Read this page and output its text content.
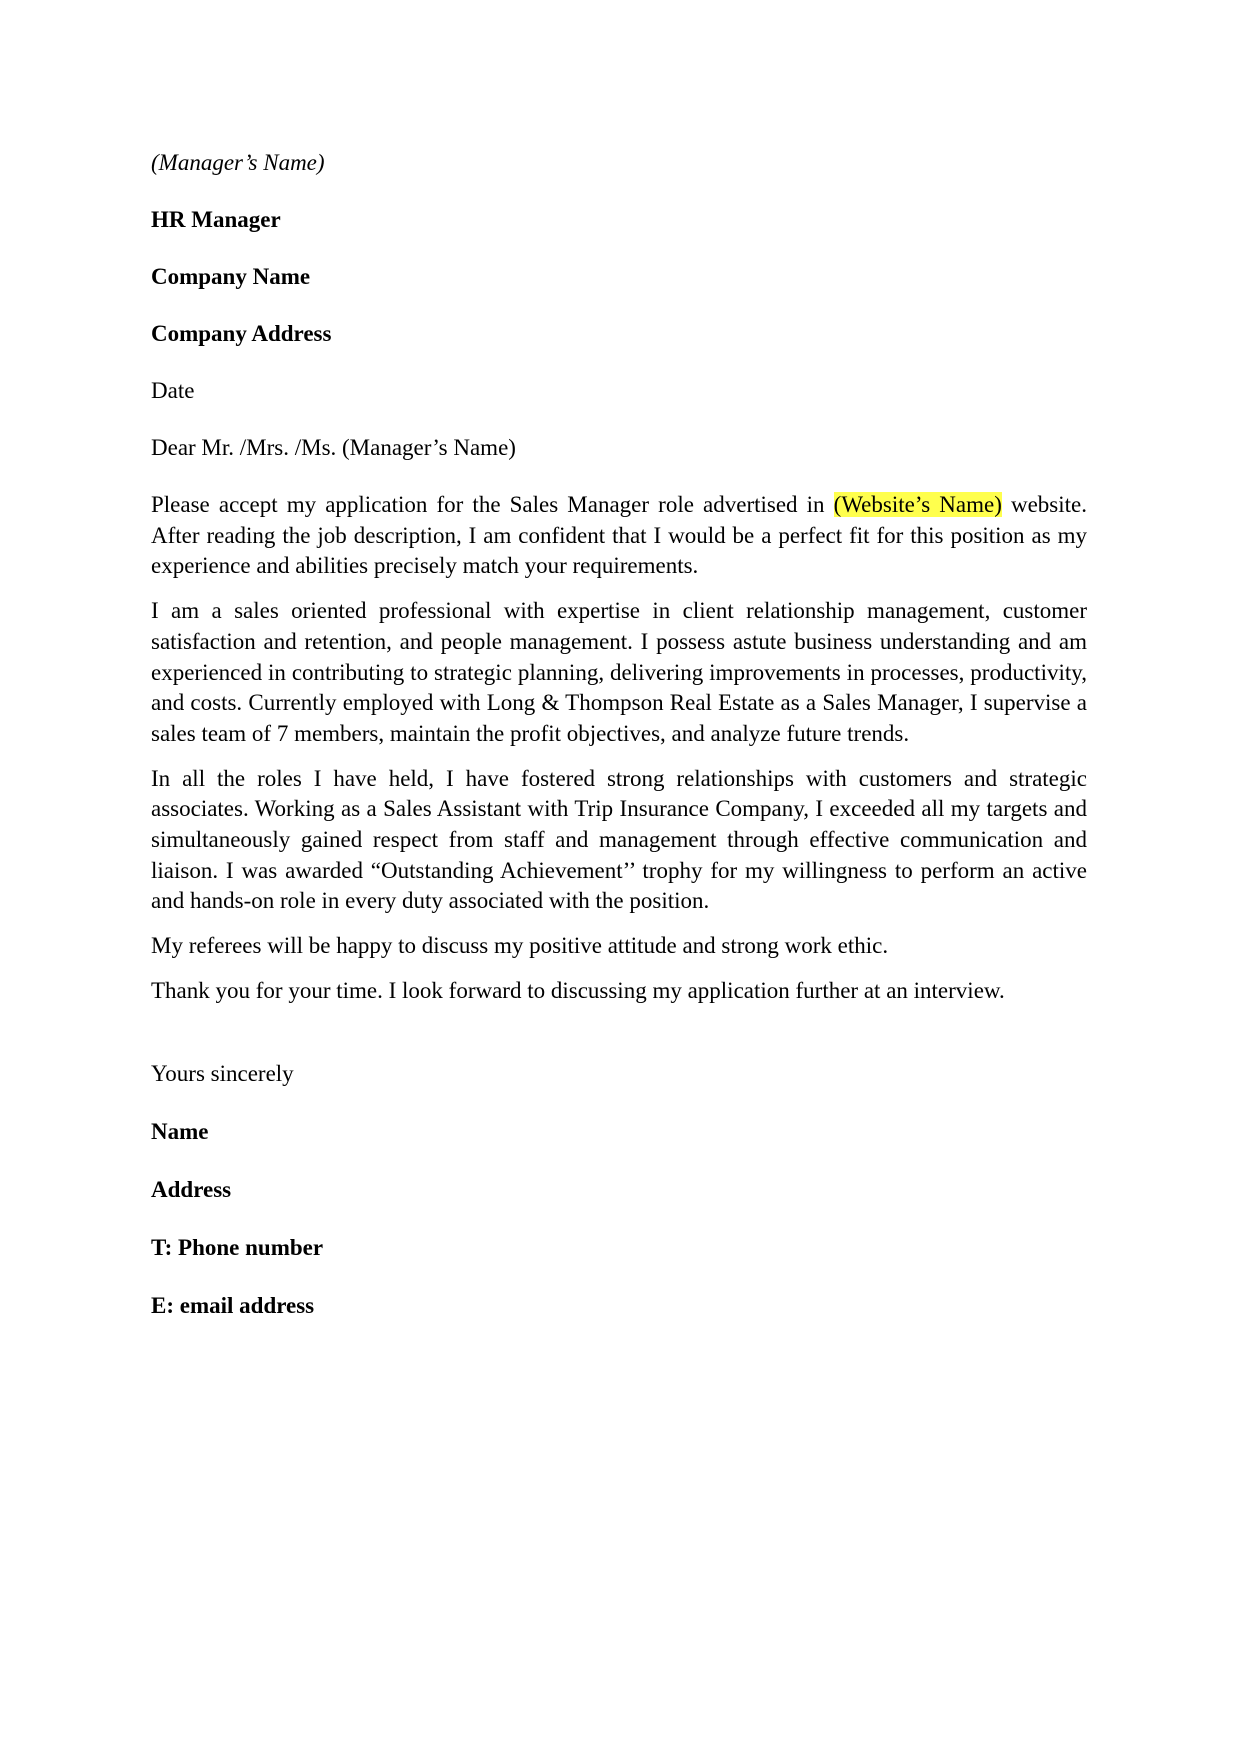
(Manager’s Name)
HR Manager
Company Name
Company Address
Date
Dear Mr. /Mrs. /Ms. (Manager’s Name)

Please accept my application for the Sales Manager role advertised in (Website’s Name) website. After reading the job description, I am confident that I would be a perfect fit for this position as my experience and abilities precisely match your requirements.

I am a sales oriented professional with expertise in client relationship management, customer satisfaction and retention, and people management. I possess astute business understanding and am experienced in contributing to strategic planning, delivering improvements in processes, productivity, and costs. Currently employed with Long & Thompson Real Estate as a Sales Manager, I supervise a sales team of 7 members, maintain the profit objectives, and analyze future trends.

In all the roles I have held, I have fostered strong relationships with customers and strategic associates. Working as a Sales Assistant with Trip Insurance Company, I exceeded all my targets and simultaneously gained respect from staff and management through effective communication and liaison. I was awarded “Outstanding Achievement’’ trophy for my willingness to perform an active and hands-on role in every duty associated with the position.

My referees will be happy to discuss my positive attitude and strong work ethic.

Thank you for your time. I look forward to discussing my application further at an interview.

Yours sincerely
Name
Address
T: Phone number
E: email address
